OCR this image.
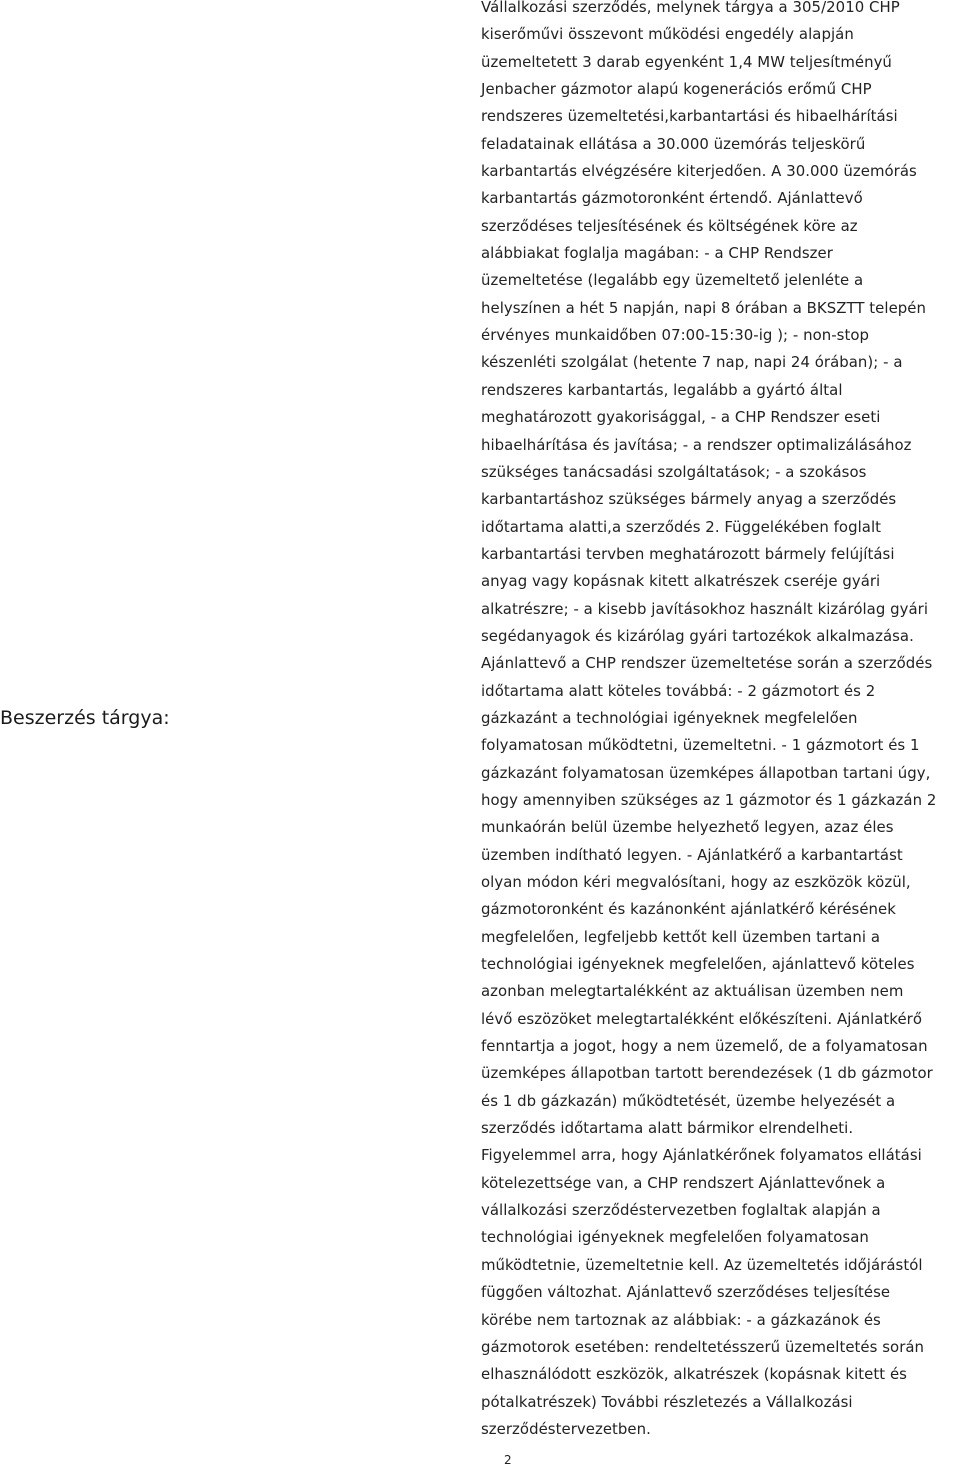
Beszerzés tárgya:
Vállalkozási szerződés, melynek tárgya a 305/2010 CHP
kiserőművi összevont működési engedély alapján
üzemeltetett 3 darab egyenként 1,4 MW teljesítményű
Jenbacher gázmotor alapú kogenerációs erőmű CHP
rendszeres üzemeltetési,karbantartási és hibaelhárítási
feladatainak ellátása a 30.000 üzemórás teljeskörű
karbantartás elvégzésére kiterjedően. A 30.000 üzemórás
karbantartás gázmotoronként értendő. Ajánlattevő
szerződéses teljesítésének és költségének köre az
alábbiakat foglalja magában: - a CHP Rendszer
üzemeltetése (legalább egy üzemeltető jelenléte a
helyszínen a hét 5 napján, napi 8 órában a BKSZTT telepén
érvényes munkaidőben 07:00-15:30-ig ); - non-stop
készenléti szolgálat (hetente 7 nap, napi 24 órában); - a
rendszeres karbantartás, legalább a gyártó által
meghatározott gyakorisággal, - a CHP Rendszer eseti
hibaelhárítása és javítása; - a rendszer optimalizálásához
szükséges tanácsadási szolgáltatások; - a szokásos
karbantartáshoz szükséges bármely anyag a szerződés
időtartama alatti,a szerződés 2. Függelékében foglalt
karbantartási tervben meghatározott bármely felújítási
anyag vagy kopásnak kitett alkatrészek cseréje gyári
alkatrészre; - a kisebb javításokhoz használt kizárólag gyári
segédanyagok és kizárólag gyári tartozékok alkalmazása.
Ajánlattevő a CHP rendszer üzemeltetése során a szerződés
időtartama alatt köteles továbbá: - 2 gázmotort és 2
gázkazánt a technológiai igényeknek megfelelően
folyamatosan működtetni, üzemeltetni. - 1 gázmotort és 1
gázkazánt folyamatosan üzemképes állapotban tartani úgy,
hogy amennyiben szükséges az 1 gázmotor és 1 gázkazán 2
munkaórán belül üzembe helyezhető legyen, azaz éles
üzemben indítható legyen. - Ajánlatkérő a karbantartást
olyan módon kéri megvalósítani, hogy az eszközök közül,
gázmotoronként és kazánonként ajánlatkérő kérésének
megfelelően, legfeljebb kettőt kell üzemben tartani a
technológiai igényeknek megfelelően, ajánlattevő köteles
azonban melegtartalékként az aktuálisan üzemben nem
lévő eszözöket melegtartalékként előkészíteni. Ajánlatkérő
fenntartja a jogot, hogy a nem üzemelő, de a folyamatosan
üzemképes állapotban tartott berendezések (1 db gázmotor
és 1 db gázkazán) működtetését, üzembe helyezését a
szerződés időtartama alatt bármikor elrendelheti.
Figyelemmel arra, hogy Ajánlatkérőnek folyamatos ellátási
kötelezettsége van, a CHP rendszert Ajánlattevőnek a
vállalkozási szerződéstervezetben foglaltak alapján a
technológiai igényeknek megfelelően folyamatosan
működtetnie, üzemeltetnie kell. Az üzemeltetés időjárástól
függően változhat. Ajánlattevő szerződéses teljesítése
körébe nem tartoznak az alábbiak: - a gázkazánok és
gázmotorok esetében: rendeltetésszerű üzemeltetés során
elhasználódott eszközök, alkatrészek (kopásnak kitett és
pótalkatrészek) További részletezés a Vállalkozási
szerződéstervezetben.
2
